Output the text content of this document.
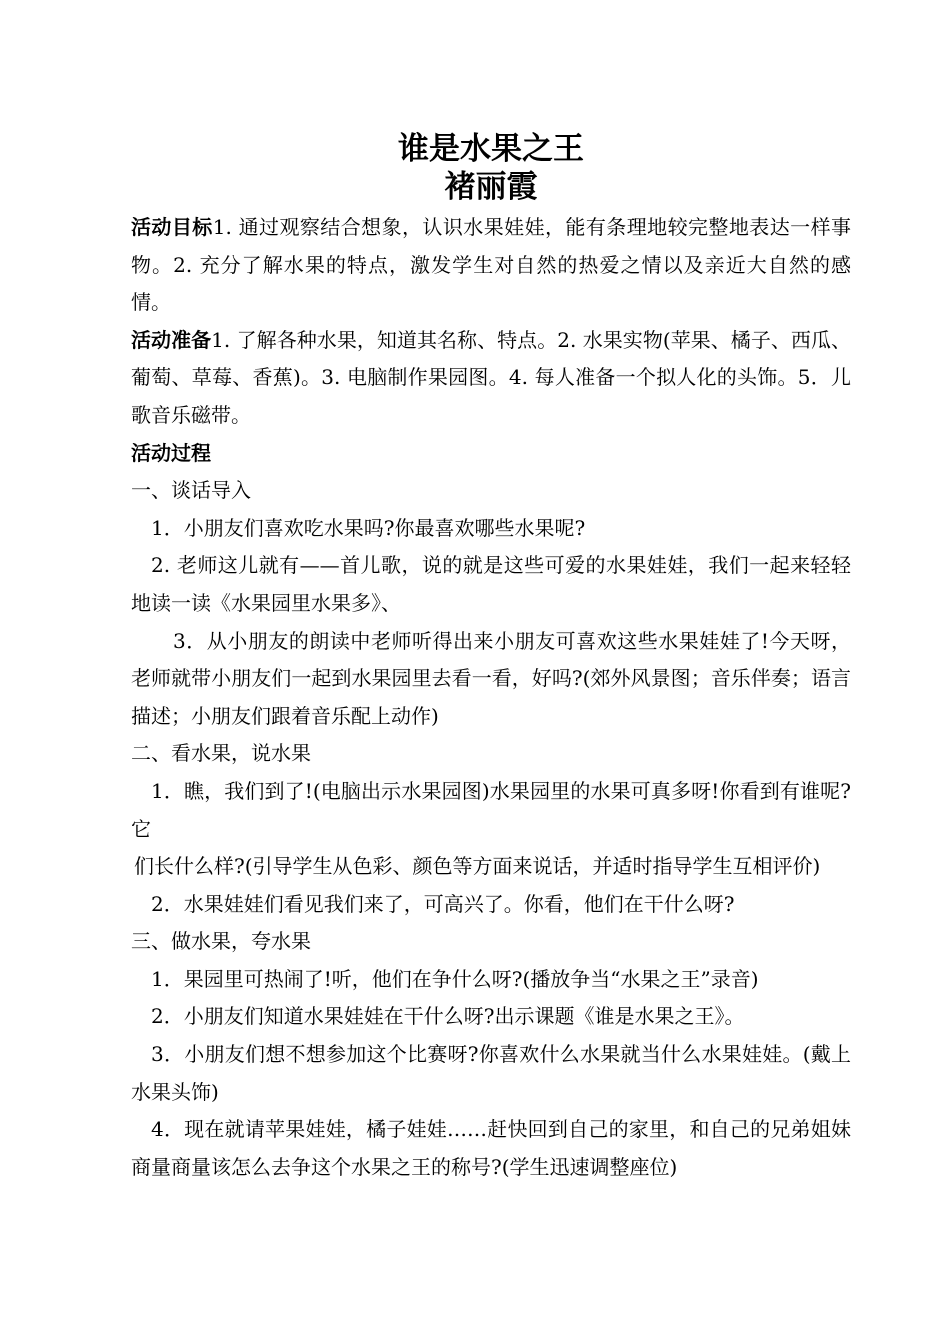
谁是水果之王
褚丽霞

活动目标1. 通过观察结合想象，认识水果娃娃，能有条理地较完整地表达一样事物。2. 充分了解水果的特点，激发学生对自然的热爱之情以及亲近大自然的感情。

活动准备1. 了解各种水果，知道其名称、特点。2. 水果实物(苹果、橘子、西瓜、葡萄、草莓、香蕉)。3. 电脑制作果园图。4. 每人准备一个拟人化的头饰。5．儿歌音乐磁带。

活动过程

一、谈话导入

1．小朋友们喜欢吃水果吗?你最喜欢哪些水果呢?

2. 老师这儿就有——首儿歌，说的就是这些可爱的水果娃娃，我们一起来轻轻地读一读《水果园里水果多》、

3．从小朋友的朗读中老师听得出来小朋友可喜欢这些水果娃娃了!今天呀，老师就带小朋友们一起到水果园里去看一看，好吗?(郊外风景图；音乐伴奏；语言描述；小朋友们跟着音乐配上动作)

二、看水果，说水果

1．瞧，我们到了!(电脑出示水果园图)水果园里的水果可真多呀!你看到有谁呢?它

们长什么样?(引导学生从色彩、颜色等方面来说话，并适时指导学生互相评价)

2．水果娃娃们看见我们来了，可高兴了。你看，他们在干什么呀?

三、做水果，夸水果

1．果园里可热闹了!听，他们在争什么呀?(播放争当“水果之王”录音)

2．小朋友们知道水果娃娃在干什么呀?出示课题《谁是水果之王》。

3．小朋友们想不想参加这个比赛呀?你喜欢什么水果就当什么水果娃娃。(戴上水果头饰)

4．现在就请苹果娃娃，橘子娃娃……赶快回到自己的家里，和自己的兄弟姐妹商量商量该怎么去争这个水果之王的称号?(学生迅速调整座位)
